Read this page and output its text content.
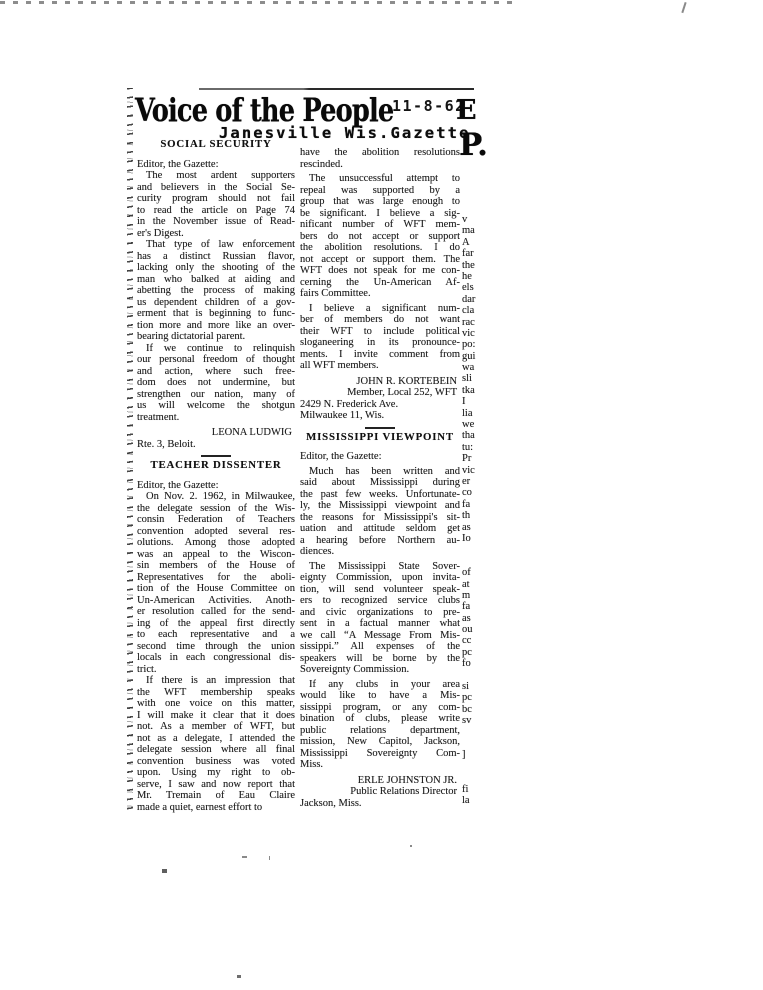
Voice of the People
11-8-62
Janesville Wis.Gazette
E
P.
SOCIAL SECURITY
Editor, the Gazette:
The most ardent supporters
and believers in the Social Se-
curity program should not fail
to read the article on Page 74
in the November issue of Read-
er's Digest.
That type of law enforcement
has a distinct Russian flavor,
lacking only the shooting of the
man who balked at aiding and
abetting the process of making
us dependent children of a gov-
erment that is beginning to func-
tion more and more like an over-
bearing dictatorial parent.
If we continue to relinquish
our personal freedom of thought
and action, where such free-
dom does not undermine, but
strengthen our nation, many of
us will welcome the shotgun
treatment.
LEONA LUDWIG
Rte. 3, Beloit.
TEACHER DISSENTER
Editor, the Gazette:
On Nov. 2. 1962, in Milwaukee,
the delegate session of the Wis-
consin Federation of Teachers
convention adopted several res-
olutions. Among those adopted
was an appeal to the Wiscon-
sin members of the House of
Representatives for the aboli-
tion of the House Committee on
Un-American Activities. Anoth-
er resolution called for the send-
ing of the appeal first directly
to each representative and a
second time through the union
locals in each congressional dis-
trict.
If there is an impression that
the WFT membership speaks
with one voice on this matter,
I will make it clear that it does
not. As a member of WFT, but
not as a delegate, I attended the
delegate session where all final
convention business was voted
upon. Using my right to ob-
serve, I saw and now report that
Mr. Tremain of Eau Claire
made a quiet, earnest effort to
have the abolition resolutions
rescinded.
The unsuccessful attempt to
repeal was supported by a
group that was large enough to
be significant. I believe a sig-
nificant number of WFT mem-
bers do not accept or support
the abolition resolutions. I do
not accept or support them. The
WFT does not speak for me con-
cerning the Un-American Af-
fairs Committee.
I believe a significant num-
ber of members do not want
their WFT to include political
sloganeering in its pronounce-
ments. I invite comment from
all WFT members.
JOHN R. KORTEBEIN
Member, Local 252, WFT
2429 N. Frederick Ave.
Milwaukee 11, Wis.
MISSISSIPPI VIEWPOINT
Editor, the Gazette:
Much has been written and
said about Mississippi during
the past few weeks. Unfortunate-
ly, the Mississippi viewpoint and
the reasons for Mississippi's sit-
uation and attitude seldom get
a hearing before Northern au-
diences.
The Mississippi State Sover-
eignty Commission, upon invita-
tion, will send volunteer speak-
ers to recognized service clubs
and civic organizations to pre-
sent in a factual manner what
we call “A Message From Mis-
sissippi.” All expenses of the
speakers will be borne by the
Sovereignty Commission.
If any clubs in your area
would like to have a Mis-
sissippi program, or any com-
bination of clubs, please write
public relations department,
mission, New Capitol, Jackson,
Mississippi Sovereignty Com-
Miss.
ERLE JOHNSTON JR.
Public Relations Director
Jackson, Miss.
v
ma
A
far
the
he
els
dar
cla
rac
vic
po:
gui
wa
sli
tka
I
lia
we
tha
tu:
Pr
vic
er
co
fa
th
as
Io

of
at
m
fa
as
ou
cc
pc
fo

si
pc
bc
sv

]

fi
la
